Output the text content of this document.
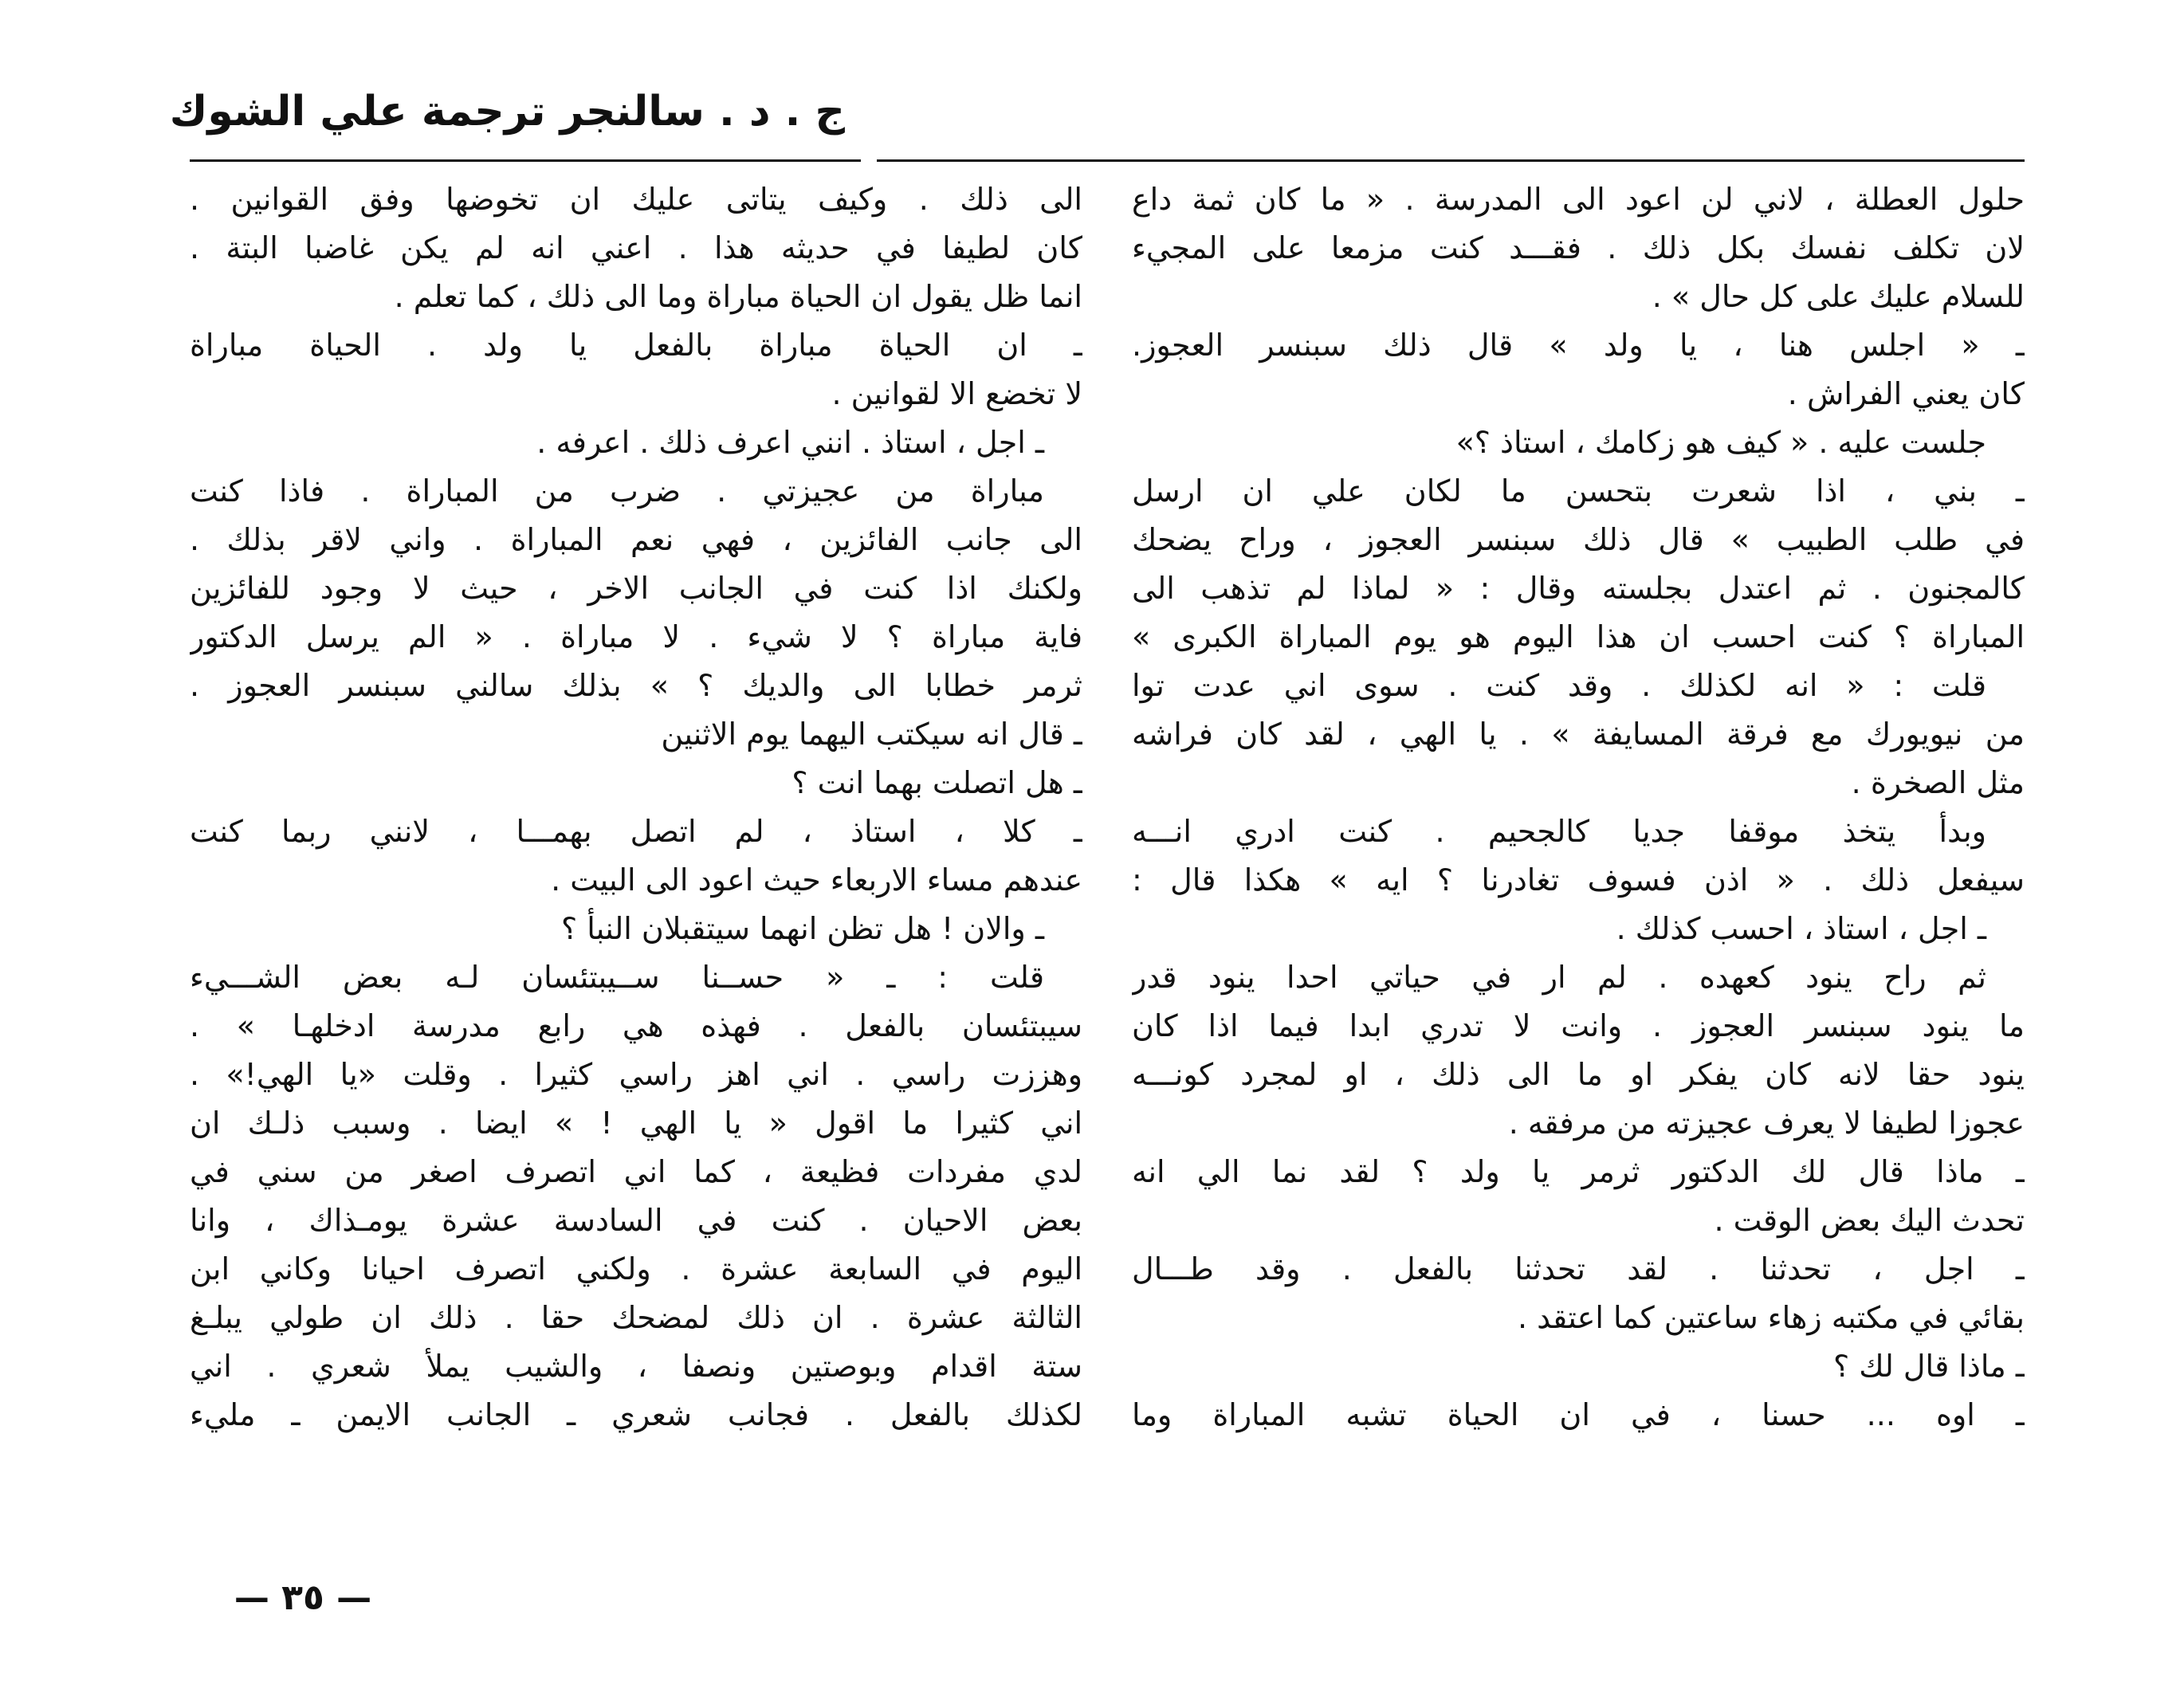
ج . د . سالنجر ترجمة علي الشوك
حلول العطلة ، لاني لن اعود الى المدرسة . « ما كان ثمة داع
لان تكلف نفسك بكل ذلك . فقـــد كنت مزمعا على المجيء
للسلام عليك على كل حال » .
ـ « اجلس هنا ، يا ولد » قال ذلك سبنسر العجوز.
كان يعني الفراش .
جلست عليه . « كيف هو زكامك ، استاذ ؟»
ـ بني ، اذا شعرت بتحسن ما لكان علي ان ارسل
في طلب الطبيب » قال ذلك سبنسر العجوز ، وراح يضحك
كالمجنون . ثم اعتدل بجلسته وقال : « لماذا لم تذهب الى
المباراة ؟ كنت احسب ان هذا اليوم هو يوم المباراة الكبرى »
قلت : « انه لكذلك . وقد كنت . سوى اني عدت توا
من نيويورك مع فرقة المسايفة » . يا الهي ، لقد كان فراشه
مثل الصخرة .
وبدأ يتخذ موقفا جديا كالجحيم . كنت ادري انـــه
سيفعل ذلك . « اذن فسوف تغادرنا ؟ ايه » هكذا قال :
ـ اجل ، استاذ ، احسب كذلك .
ثم راح ينود كعهده . لم ار في حياتي احدا ينود قدر
ما ينود سبنسر العجوز . وانت لا تدري ابدا فيما اذا كان
ينود حقا لانه كان يفكر او ما الى ذلك ، او لمجرد كونـــه
عجوزا لطيفا لا يعرف عجيزته من مرفقه .
ـ ماذا قال لك الدكتور ثرمر يا ولد ؟ لقد نما الي انه
تحدث اليك بعض الوقت .
ـ اجل ، تحدثنا . لقد تحدثنا بالفعل . وقد طـــال
بقائي في مكتبه زهاء ساعتين كما اعتقد .
ـ ماذا قال لك ؟
ـ اوه ... حسنا ، في ان الحياة تشبه المباراة وما
الى ذلك . وكيف يتاتى عليك ان تخوضها وفق القوانين .
كان لطيفا في حديثه هذا . اعني انه لم يكن غاضبا البتة .
انما ظل يقول ان الحياة مباراة وما الى ذلك ، كما تعلم .
ـ ان الحياة مباراة بالفعل يا ولد . الحياة مباراة
لا تخضع الا لقوانين .
ـ اجل ، استاذ . انني اعرف ذلك . اعرفه .
مباراة من عجيزتي . ضرب من المباراة . فاذا كنت
الى جانب الفائزين ، فهي نعم المباراة . واني لاقر بذلك .
ولكنك اذا كنت في الجانب الاخر ، حيث لا وجود للفائزين
فاية مباراة ؟ لا شيء . لا مباراة . « الم يرسل الدكتور
ثرمر خطابا الى والديك ؟ » بذلك سالني سبنسر العجوز .
ـ قال انه سيكتب اليهما يوم الاثنين
ـ هل اتصلت بهما انت ؟
ـ كلا ، استاذ ، لم اتصل بهمـــا ، لانني ربما كنت
عندهم مساء الاربعاء حيث اعود الى البيت .
ـ والان ! هل تظن انهما سيتقبلان النبأ ؟
قلت : ـ « حســنا ســيبتئسان لـه بعض الشـــيء
سيبتئسان بالفعل . فهذه هي رابع مدرسة ادخلهـا » .
وهززت راسي . اني اهز راسي كثيرا . وقلت «يا الهي!» .
اني كثيرا ما اقول « يا الهي ! » ايضا . وسبب ذلـك ان
لدي مفردات فظيعة ، كما اني اتصرف اصغر من سني في
بعض الاحيان . كنت في السادسة عشرة يومـذاك ، وانا
اليوم في السابعة عشرة . ولكني اتصرف احيانا وكاني ابن
الثالثة عشرة . ان ذلك لمضحك حقا . ذلك ان طولي يبلـغ
ستة اقدام وبوصتين ونصفا ، والشيب يملأ شعري . اني
لكذلك بالفعل . فجانب شعري ـ الجانب الايمن ـ مليء
— ٣٥ —
